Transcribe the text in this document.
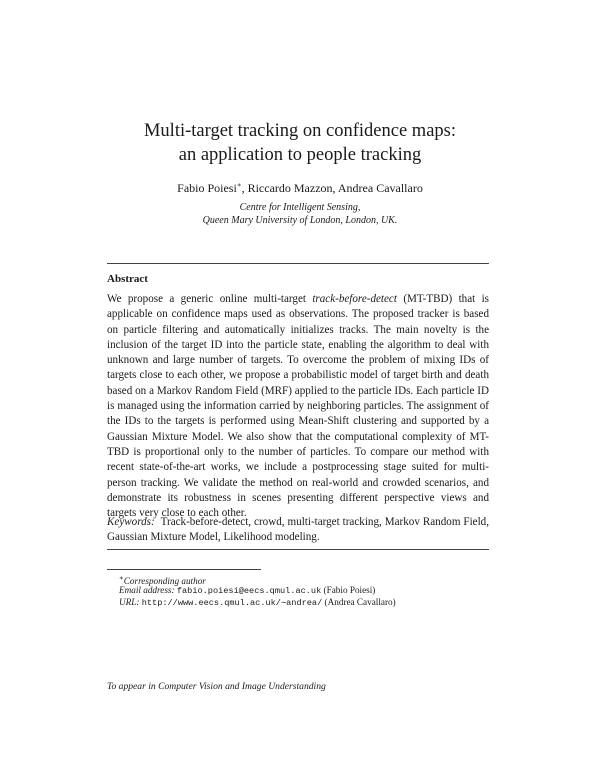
Multi-target tracking on confidence maps:
an application to people tracking
Fabio Poiesi∗, Riccardo Mazzon, Andrea Cavallaro
Centre for Intelligent Sensing,
Queen Mary University of London, London, UK.
Abstract
We propose a generic online multi-target track-before-detect (MT-TBD) that is applicable on confidence maps used as observations. The proposed tracker is based on particle filtering and automatically initializes tracks. The main novelty is the inclusion of the target ID into the particle state, enabling the algorithm to deal with unknown and large number of targets. To overcome the problem of mixing IDs of targets close to each other, we propose a probabilistic model of target birth and death based on a Markov Random Field (MRF) applied to the particle IDs. Each particle ID is managed using the information carried by neighboring particles. The assignment of the IDs to the targets is performed using Mean-Shift clustering and supported by a Gaussian Mixture Model. We also show that the computational complexity of MT-TBD is proportional only to the number of particles. To compare our method with recent state-of-the-art works, we include a postprocessing stage suited for multi-person tracking. We validate the method on real-world and crowded scenarios, and demonstrate its robustness in scenes presenting different perspective views and targets very close to each other.
Keywords: Track-before-detect, crowd, multi-target tracking, Markov Random Field, Gaussian Mixture Model, Likelihood modeling.
∗Corresponding author
Email address: fabio.poiesi@eecs.qmul.ac.uk (Fabio Poiesi)
URL: http://www.eecs.qmul.ac.uk/∼andrea/ (Andrea Cavallaro)
To appear in Computer Vision and Image Understanding
